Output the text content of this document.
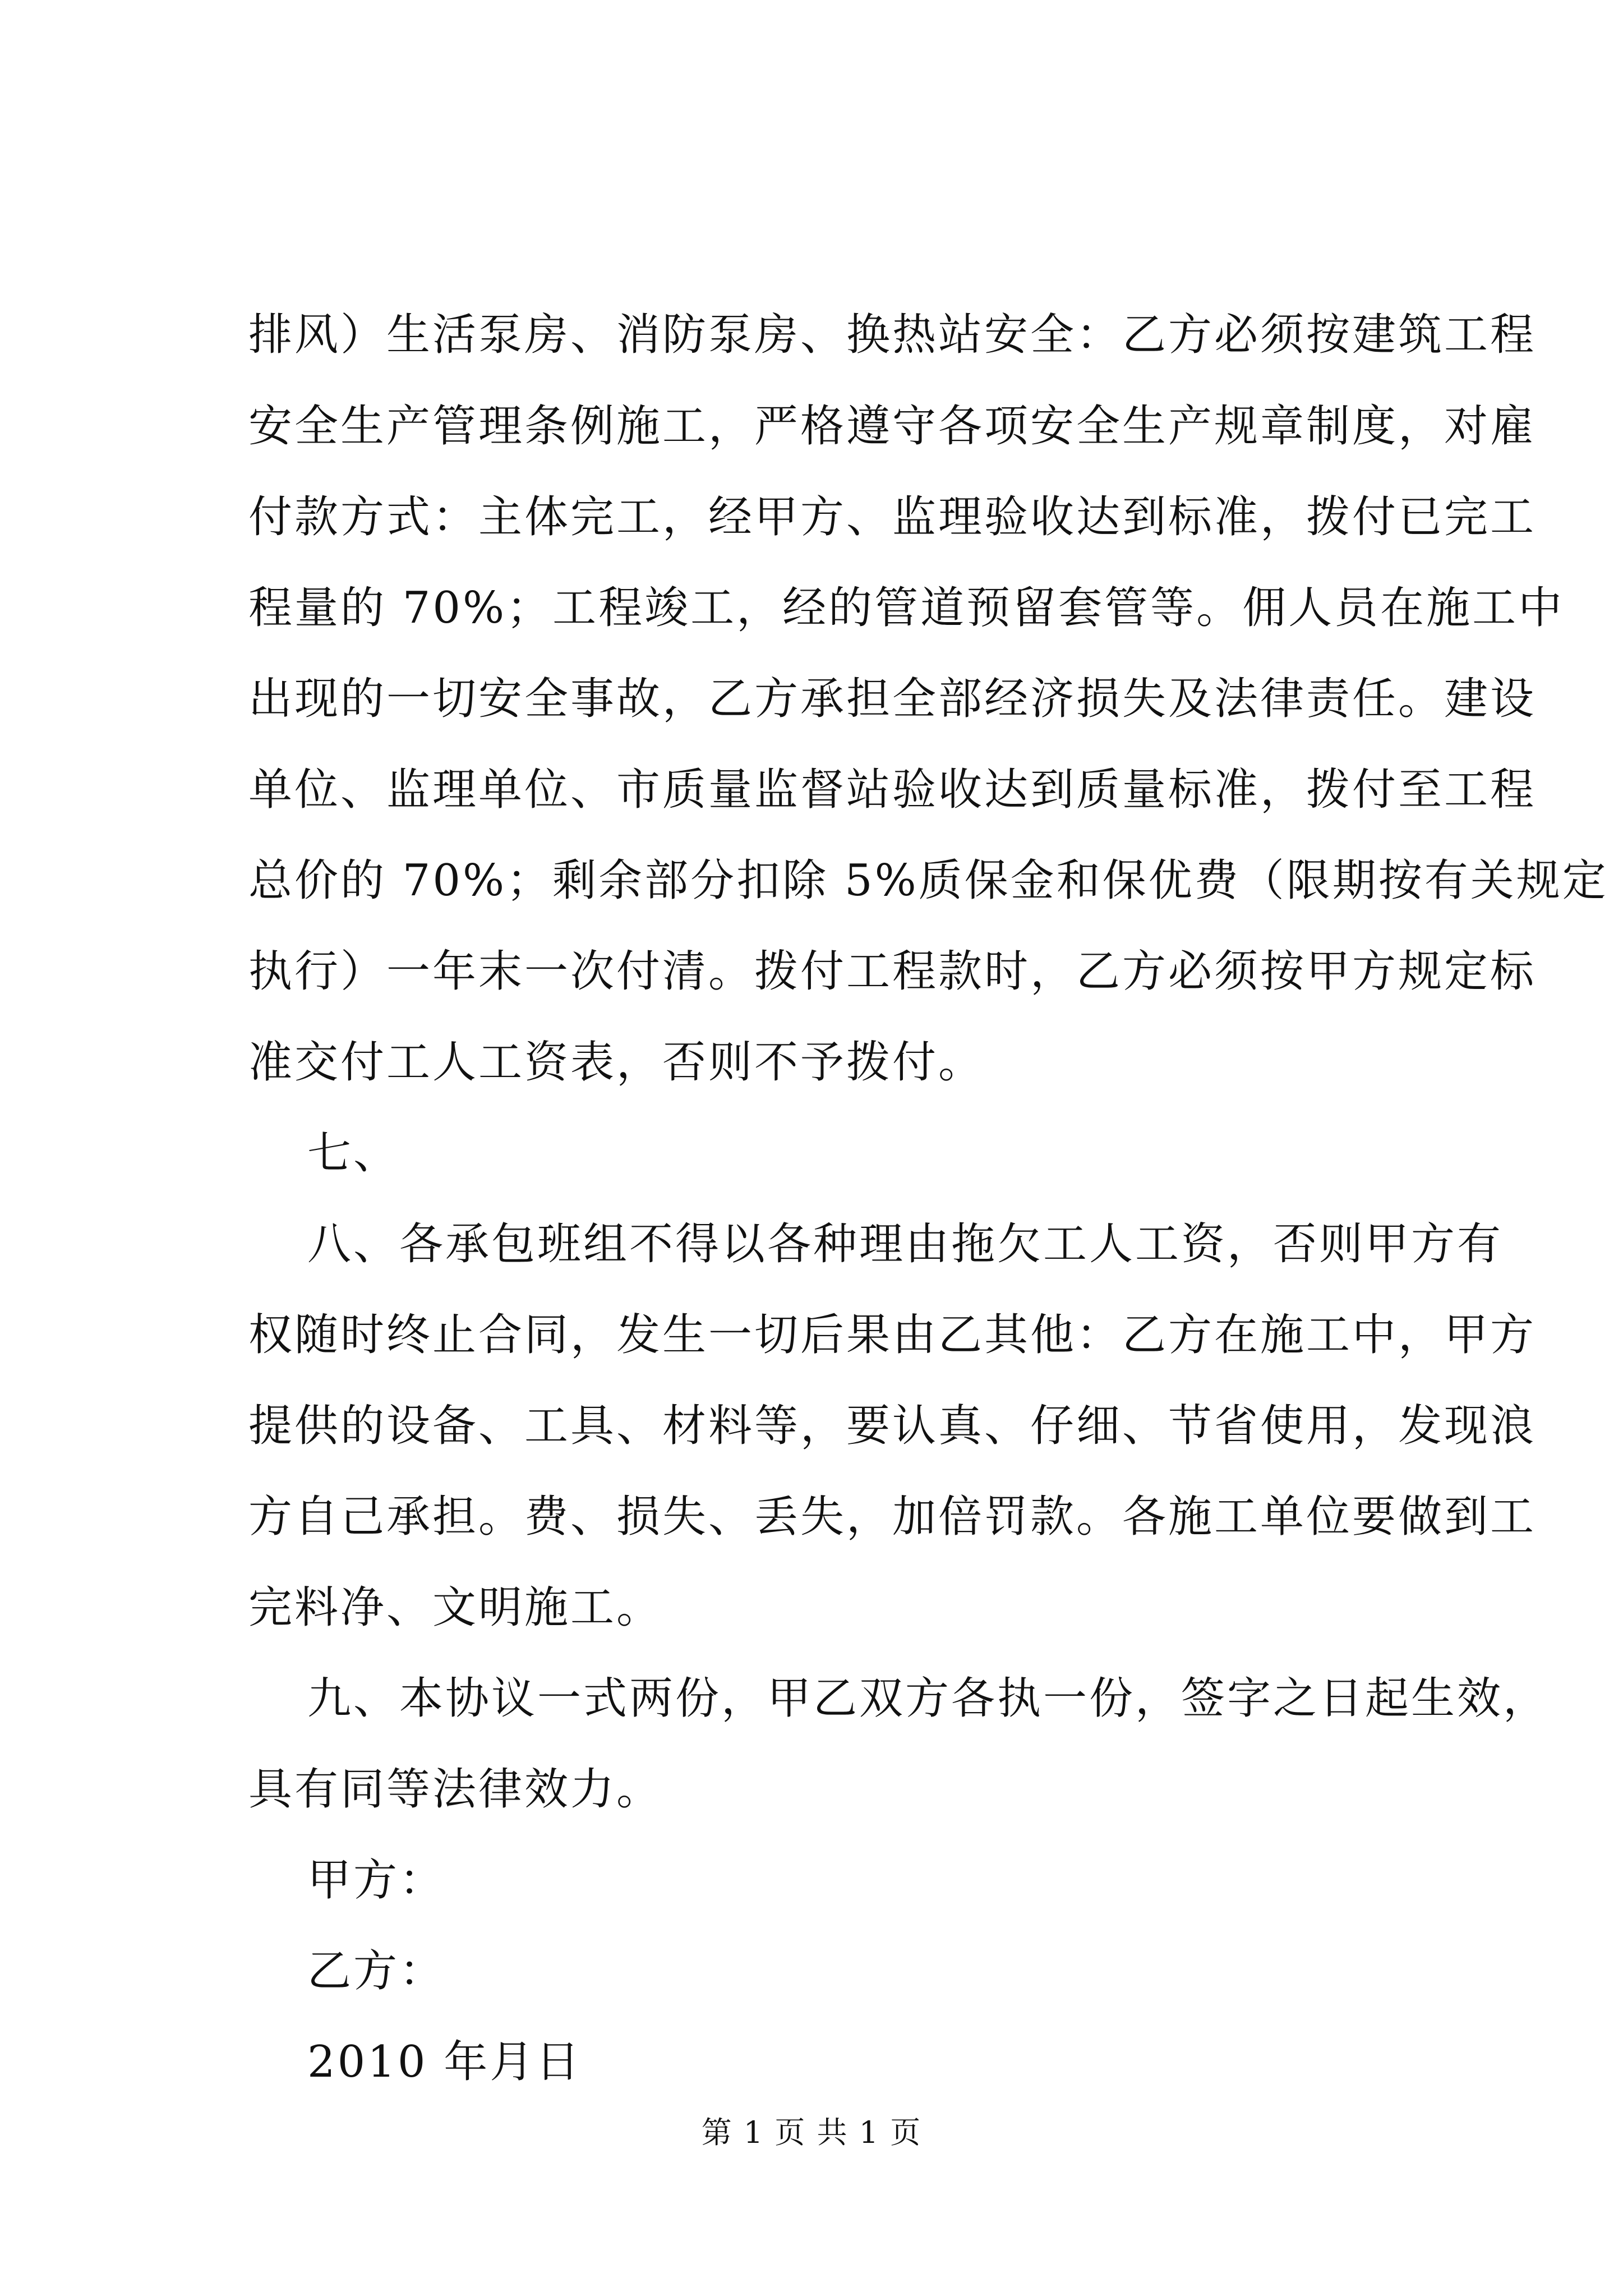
排风）生活泵房、消防泵房、换热站安全：乙方必须按建筑工程
安全生产管理条例施工，严格遵守各项安全生产规章制度，对雇
付款方式：主体完工，经甲方、监理验收达到标准，拨付已完工
程量的 70%；工程竣工，经的管道预留套管等。佣人员在施工中
出现的一切安全事故，乙方承担全部经济损失及法律责任。建设
单位、监理单位、市质量监督站验收达到质量标准，拨付至工程
总价的 70%；剩余部分扣除 5%质保金和保优费（限期按有关规定
执行）一年末一次付清。拨付工程款时，乙方必须按甲方规定标
准交付工人工资表，否则不予拨付。
七、
八、各承包班组不得以各种理由拖欠工人工资，否则甲方有
权随时终止合同，发生一切后果由乙其他：乙方在施工中，甲方
提供的设备、工具、材料等，要认真、仔细、节省使用，发现浪
方自己承担。费、损失、丢失，加倍罚款。各施工单位要做到工
完料净、文明施工。
九、本协议一式两份，甲乙双方各执一份，签字之日起生效，
具有同等法律效力。
甲方：
乙方：
2010 年月日
第 1 页 共 1 页
